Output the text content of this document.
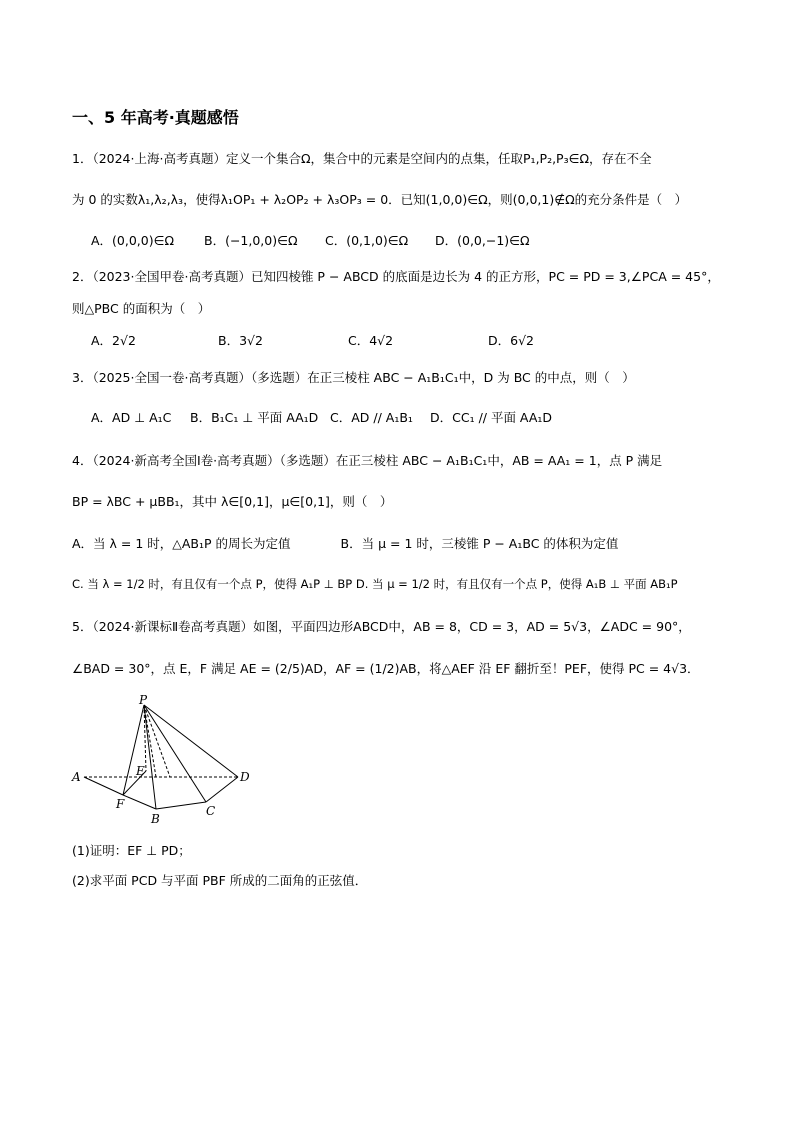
一、5 年高考·真题感悟
1．（2024·上海·高考真题）定义一个集合Ω，集合中的元素是空间内的点集，任取P₁,P₂,P₃∈Ω，存在不全
为 0 的实数λ₁,λ₂,λ₃，使得λ₁OP₁ + λ₂OP₂ + λ₃OP₃ = 0．已知(1,0,0)∈Ω，则(0,0,1)∉Ω的充分条件是（　）
A．(0,0,0)∈Ω B．(−1,0,0)∈Ω C．(0,1,0)∈Ω D．(0,0,−1)∈Ω
2．（2023·全国甲卷·高考真题）已知四棱锥 P − ABCD 的底面是边长为 4 的正方形，PC = PD = 3,∠PCA = 45°，
则△PBC 的面积为（　）
A．2√2	B．3√2	C．4√2	D．6√2
3．（2025·全国一卷·高考真题）（多选题）在正三棱柱 ABC − A₁B₁C₁中，D 为 BC 的中点，则（　）
A．AD ⊥ A₁C B．B₁C₁ ⊥ 平面 AA₁D C．AD // A₁B₁ D．CC₁ // 平面 AA₁D
4．（2024·新高考全国Ⅰ卷·高考真题）（多选题）在正三棱柱 ABC − A₁B₁C₁中，AB = AA₁ = 1，点 P 满足
BP = λBC + μBB₁，其中 λ∈[0,1]，μ∈[0,1]，则（　）
A．当 λ = 1 时，△AB₁P 的周长为定值　　　　B．当 μ = 1 时，三棱锥 P − A₁BC 的体积为定值
C. 当 λ = 1/2 时，有且仅有一个点 P，使得 A₁P ⊥ BP D. 当 μ = 1/2 时，有且仅有一个点 P，使得 A₁B ⊥ 平面 AB₁P
5．（2024·新课标Ⅱ卷高考真题）如图，平面四边形ABCD中，AB = 8，CD = 3，AD = 5√3，∠ADC = 90°，
∠BAD = 30°，点 E，F 满足 AE = (2/5)AD，AF = (1/2)AB，将△AEF 沿 EF 翻折至！PEF，使得 PC = 4√3．
P
A	E	D
F
B
C
(1)证明：EF ⊥ PD；
(2)求平面 PCD 与平面 PBF 所成的二面角的正弦值．
